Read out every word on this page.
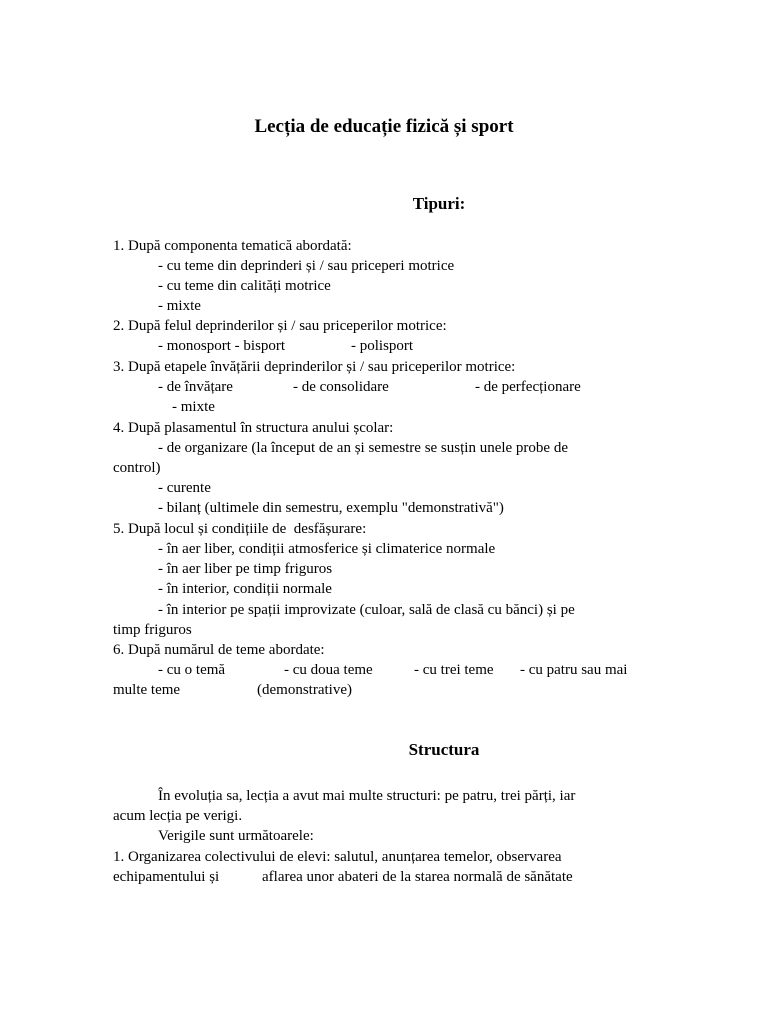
Lecția de educație fizică și sport
Tipuri:
1. După componenta tematică abordată:
- cu teme din deprinderi și / sau priceperi motrice
- cu teme din calități motrice
- mixte
2. După felul deprinderilor și / sau priceperilor motrice:
- monosport - bisport	- polisport
3. După etapele învățării deprinderilor și / sau priceperilor motrice:
- de învățare	- de consolidare	- de perfecționare
- mixte
4. După plasamentul în structura anului școlar:
- de organizare (la început de an și semestre se susțin unele probe de
control)
- curente
- bilanț (ultimele din semestru, exemplu "demonstrativă")
5. După locul și condițiile de  desfășurare:
- în aer liber, condiții atmosferice și climaterice normale
- în aer liber pe timp friguros
- în interior, condiții normale
- în interior pe spații improvizate (culoar, sală de clasă cu bănci) și pe
timp friguros
6. După numărul de teme abordate:
- cu o temă	- cu doua teme	- cu trei teme - cu patru sau mai
multe teme	(demonstrative)
Structura
În evoluția sa, lecția a avut mai multe structuri: pe patru, trei părți, iar
acum lecția pe verigi.
Verigile sunt următoarele:
1. Organizarea colectivului de elevi: salutul, anunțarea temelor, observarea
echipamentului și	aflarea unor abateri de la starea normală de sănătate
